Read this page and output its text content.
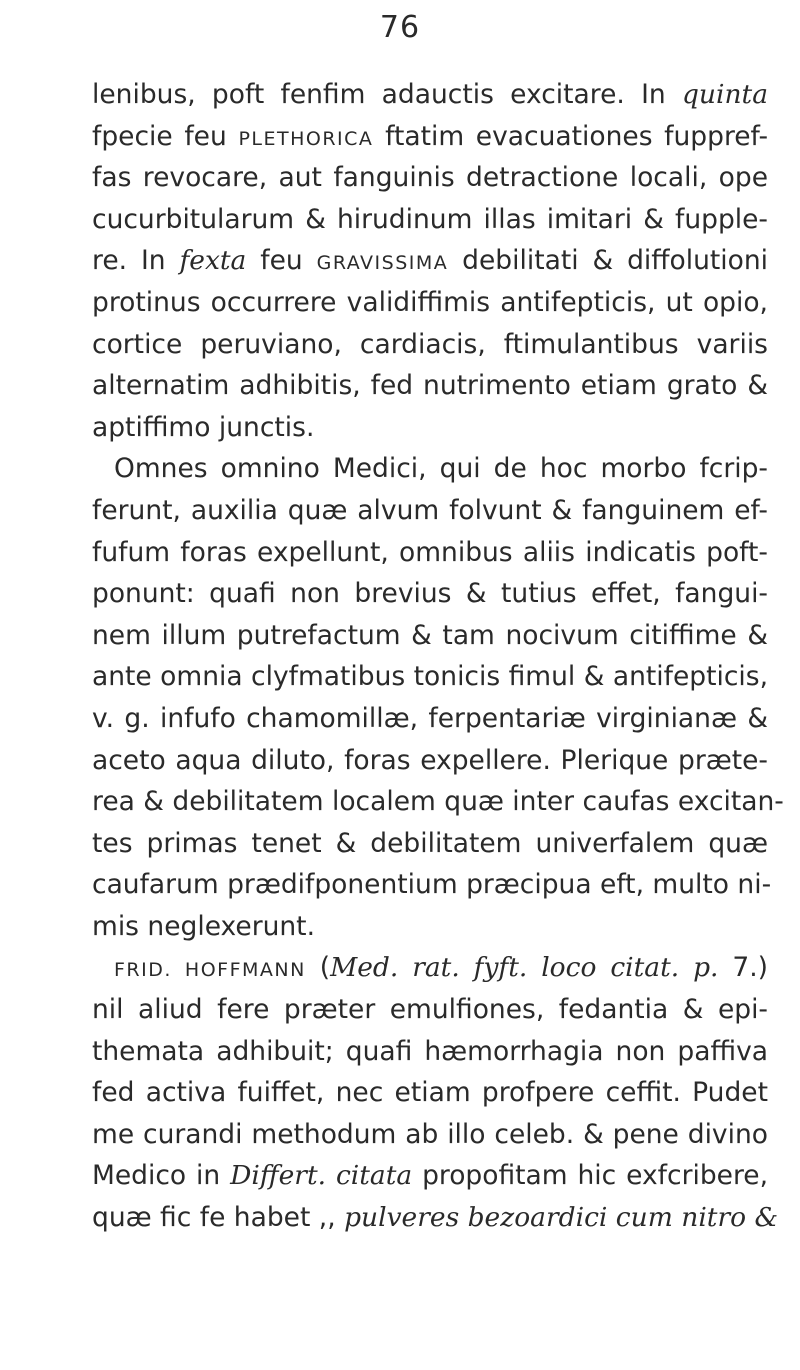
76
lenibus, poft fenfim adauctis excitare. In quinta
fpecie feu PLETHORICA ftatim evacuationes fuppref-
fas revocare, aut fanguinis detractione locali, ope
cucurbitularum & hirudinum illas imitari & fupple-
re. In fexta feu GRAVISSIMA debilitati & diffolutioni
protinus occurrere validiffimis antifepticis, ut opio,
cortice peruviano, cardiacis, ftimulantibus variis
alternatim adhibitis, fed nutrimento etiam grato &
aptiffimo junctis.
Omnes omnino Medici, qui de hoc morbo fcrip-
ferunt, auxilia quæ alvum folvunt & fanguinem ef-
fufum foras expellunt, omnibus aliis indicatis poft-
ponunt: quafi non brevius & tutius effet, fangui-
nem illum putrefactum & tam nocivum citiffime &
ante omnia clyfmatibus tonicis fimul & antifepticis,
v. g. infufo chamomillæ, ferpentariæ virginianæ &
aceto aqua diluto, foras expellere. Plerique præte-
rea & debilitatem localem quæ inter caufas excitan-
tes primas tenet & debilitatem univerfalem quæ
caufarum prædifponentium præcipua eft, multo ni-
mis neglexerunt.
FRID. HOFFMANN (Med. rat. fyft. loco citat. p. 7.)
nil aliud fere præter emulfiones, fedantia & epi-
themata adhibuit; quafi hæmorrhagia non paffiva
fed activa fuiffet, nec etiam profpere ceffit. Pudet
me curandi methodum ab illo celeb. & pene divino
Medico in Differt. citata propofitam hic exfcribere,
quæ fic fe habet ,, pulveres bezoardici cum nitro &
